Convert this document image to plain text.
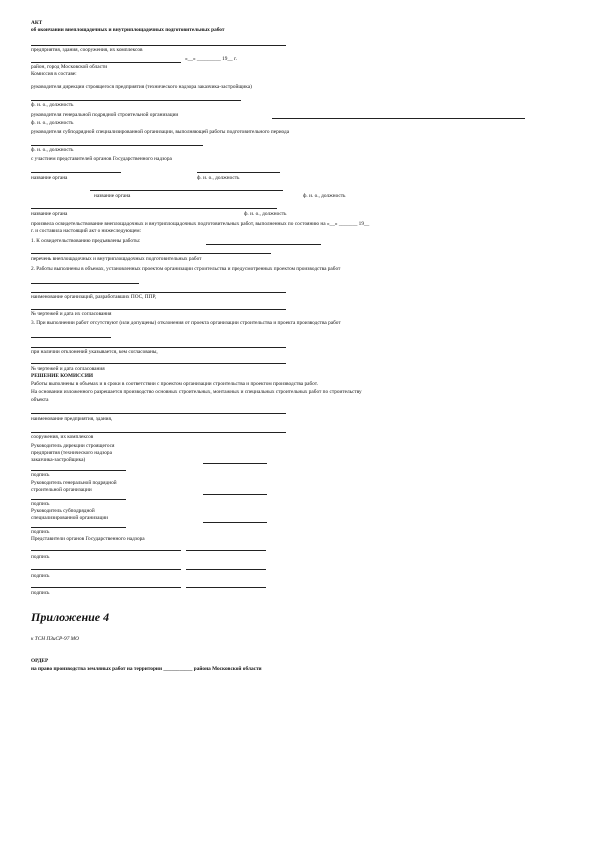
АКТ
об окончании внеплощадочных и внутриплощадочных подготовительных работ
предприятия, здания, сооружения, их комплексов
«__» _________ 19__ г.
район, город Московской области
Комиссия в составе:
руководителя дирекции строящегося предприятия (технического надзора заказчика-застройщика)
ф. и. о., должность
руководителя генеральной подрядной строительной организации
ф. и. о., должность
руководителя субподрядной специализированной организации, выполняющей работы подготовительного периода
ф. и. о., должность
с участием представителей органов Государственного надзора
название органа	ф. и. о., должность
название органа	ф. и. о., должность
название органа	ф. и. о., должность
произвела освидетельствование внеплощадочных и внутриплощадочных подготовительных работ, выполненных по состоянию на «__» _______ 19__
г. и составила настоящий акт о нижеследующем:
1. К освидетельствованию предъявлены работы:
перечень внеплощадочных и внутриплощадочных подготовительных работ
2. Работы выполнены в объемах, установленных проектом организации строительства и предусмотренных проектом производства работ
наименование организаций, разработавших ПОС, ППР,
№ чертежей и дата их согласования
3. При выполнении работ отсутствуют (или допущены) отклонения от проекта организации строительства и проекта производства работ
при наличии отклонений указывается, кем согласованы,
№ чертежей и дата согласования
РЕШЕНИЕ КОМИССИИ
Работы выполнены в объемах и в сроки в соответствии с проектом организации строительства и проектом производства работ.
На основании изложенного разрешается производство основных строительных, монтажных и специальных строительных работ по строительству
объекта
наименование предприятия, здания,
сооружения, их комплексов
Руководитель дирекции строящегося
предприятия (технического надзора
заказчика-застройщика)
подпись
Руководитель генеральной подрядной
строительной организации
подпись
Руководитель субподрядной
специализированной организации
подпись
Представители органов Государственного надзора
подпись
подпись
подпись
Приложение 4
к ТСН ПЗиСР-97 МО
ОРДЕР
на право производства земляных работ на территории ___________ района Московской области
